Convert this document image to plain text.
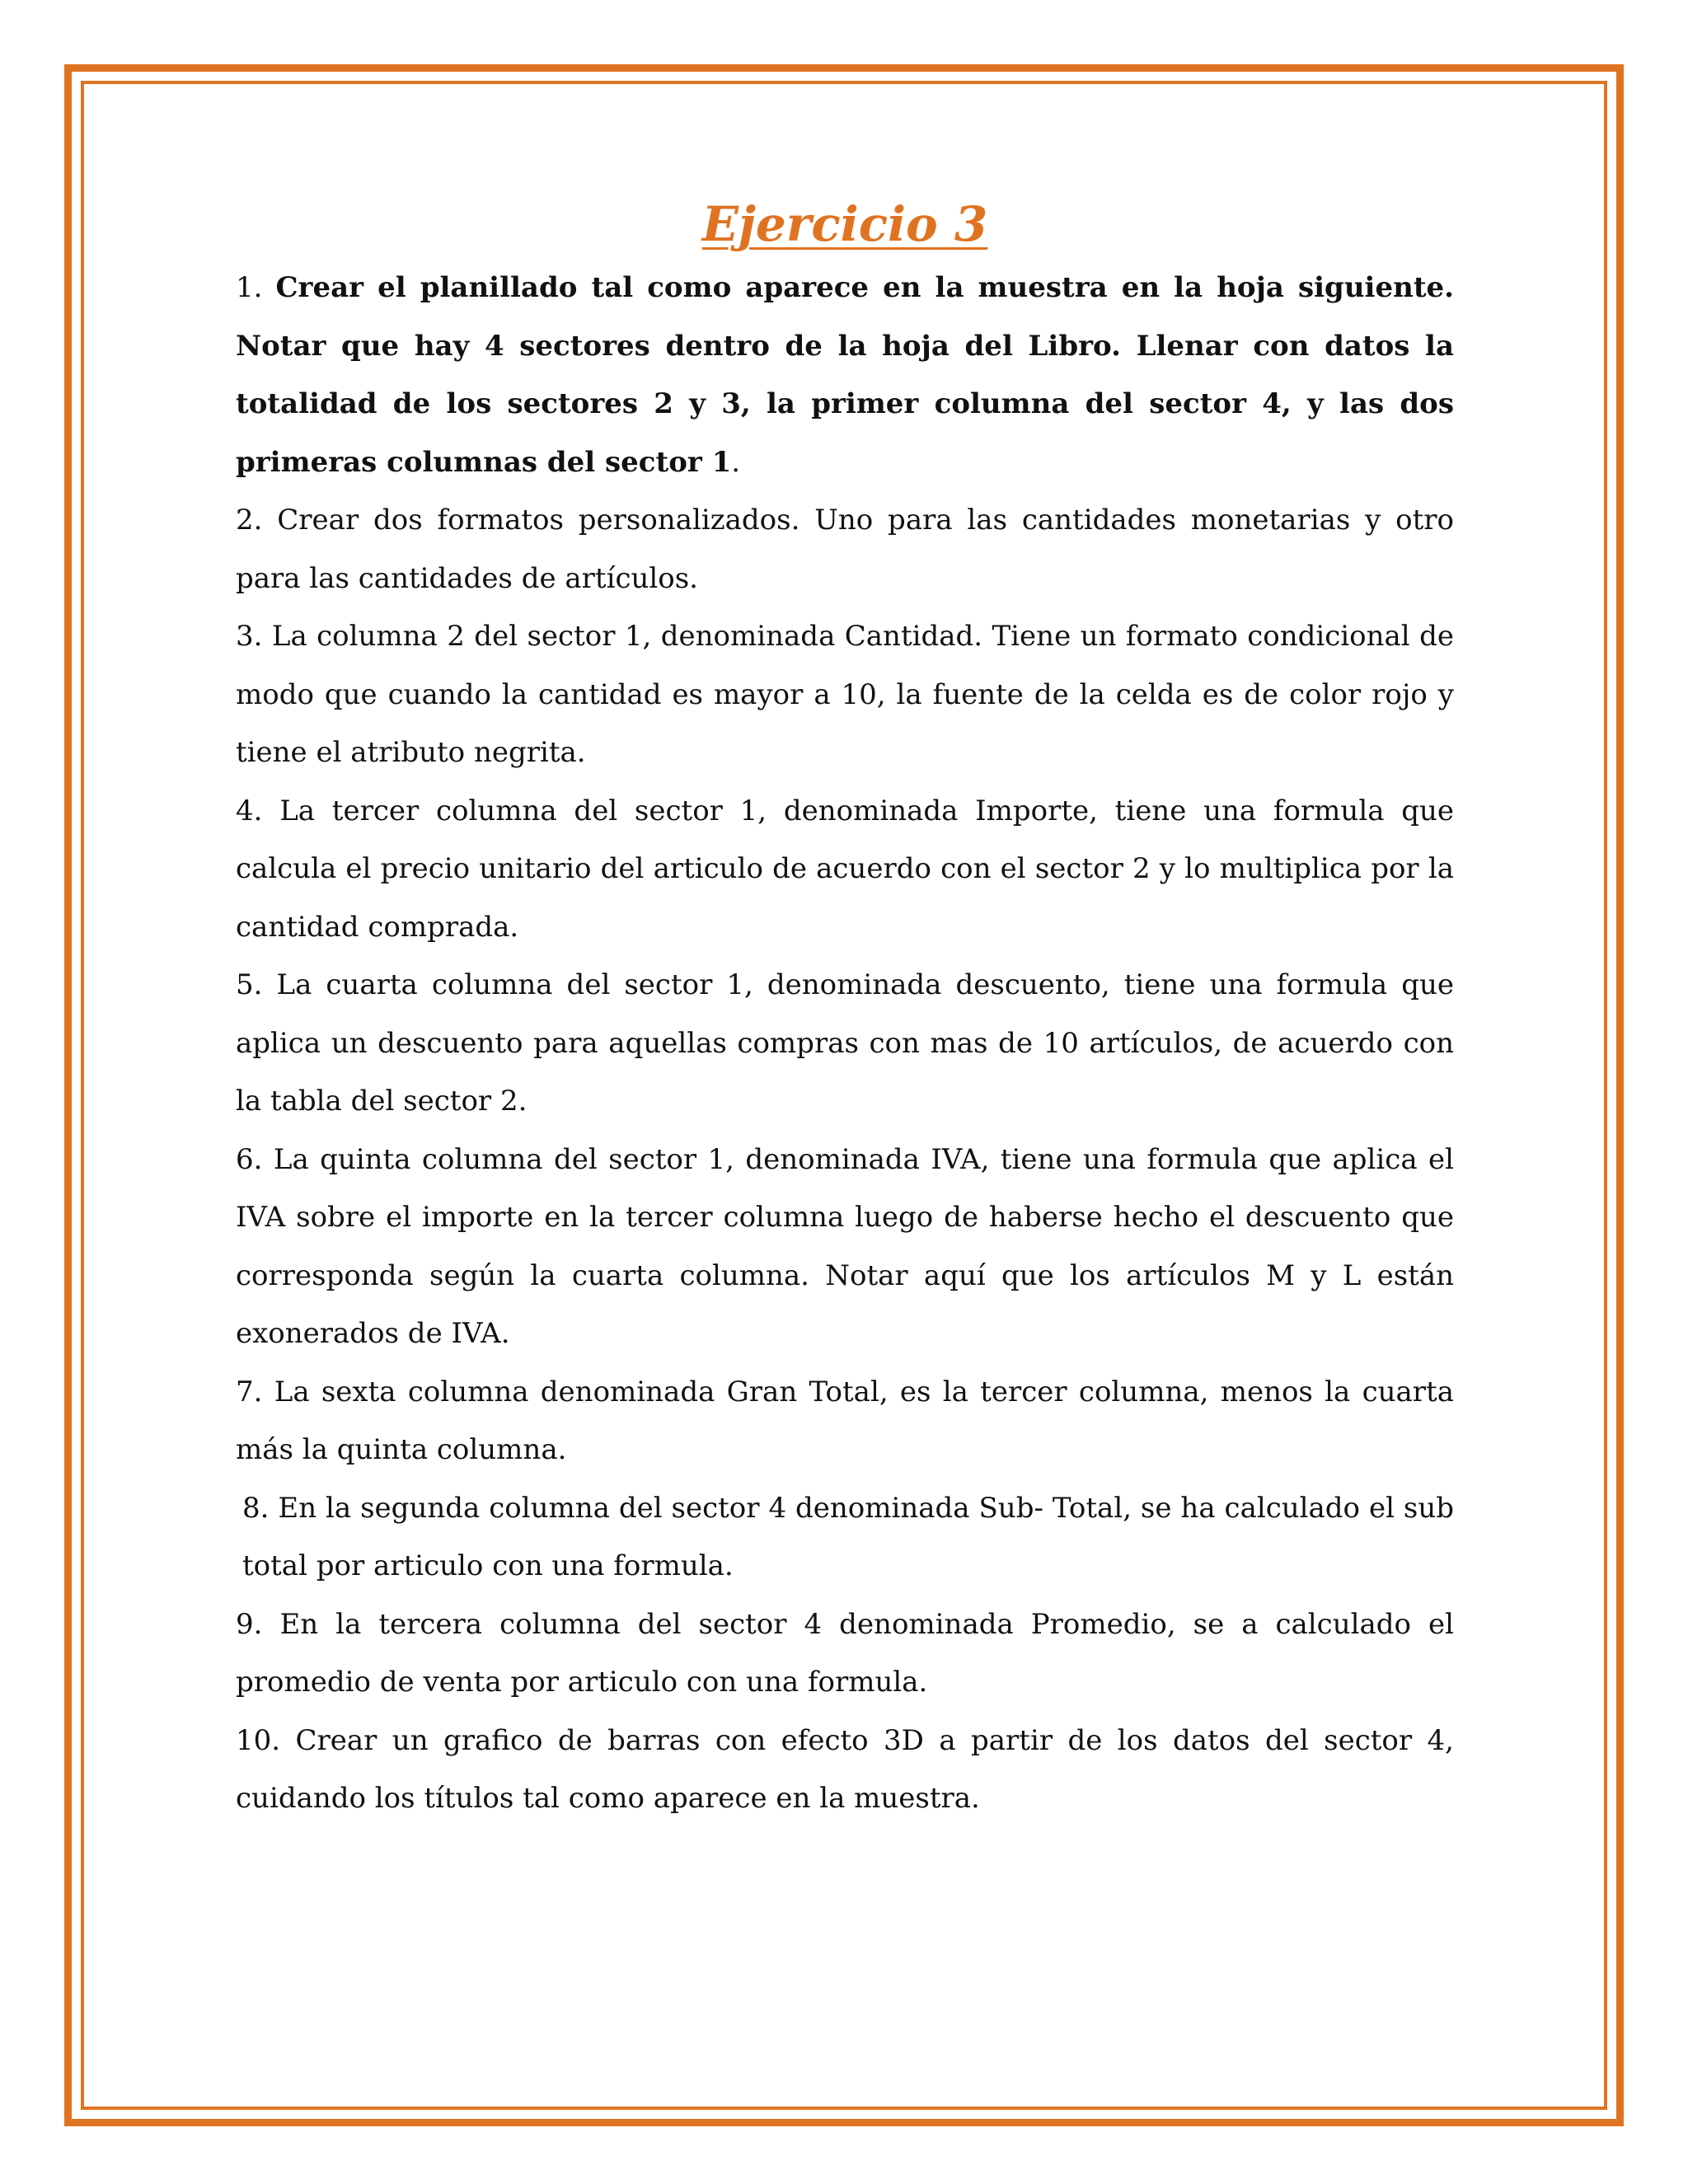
Ejercicio 3

1. Crear el planillado tal como aparece en la muestra en la hoja siguiente. Notar que hay 4 sectores dentro de la hoja del Libro. Llenar con datos la totalidad de los sectores 2 y 3, la primer columna del sector 4, y las dos primeras columnas del sector 1.

2. Crear dos formatos personalizados. Uno para las cantidades monetarias y otro para las cantidades de artículos.

3. La columna 2 del sector 1, denominada Cantidad. Tiene un formato condicional de modo que cuando la cantidad es mayor a 10, la fuente de la celda es de color rojo y tiene el atributo negrita.

4. La tercer columna del sector 1, denominada Importe, tiene una formula que calcula el precio unitario del articulo de acuerdo con el sector 2 y lo multiplica por la cantidad comprada.

5. La cuarta columna del sector 1, denominada descuento, tiene una formula que aplica un descuento para aquellas compras con mas de 10 artículos, de acuerdo con la tabla del sector 2.

6. La quinta columna del sector 1, denominada IVA, tiene una formula que aplica el IVA sobre el importe en la tercer columna luego de haberse hecho el descuento que corresponda según la cuarta columna. Notar aquí que los artículos M y L están exonerados de IVA.

7. La sexta columna denominada Gran Total, es la tercer columna, menos la cuarta más la quinta columna.

8. En la segunda columna del sector 4 denominada Sub- Total, se ha calculado el sub total por articulo con una formula.

9. En la tercera columna del sector 4 denominada Promedio, se a calculado el promedio de venta por articulo con una formula.

10. Crear un grafico de barras con efecto 3D a partir de los datos del sector 4, cuidando los títulos tal como aparece en la muestra.
